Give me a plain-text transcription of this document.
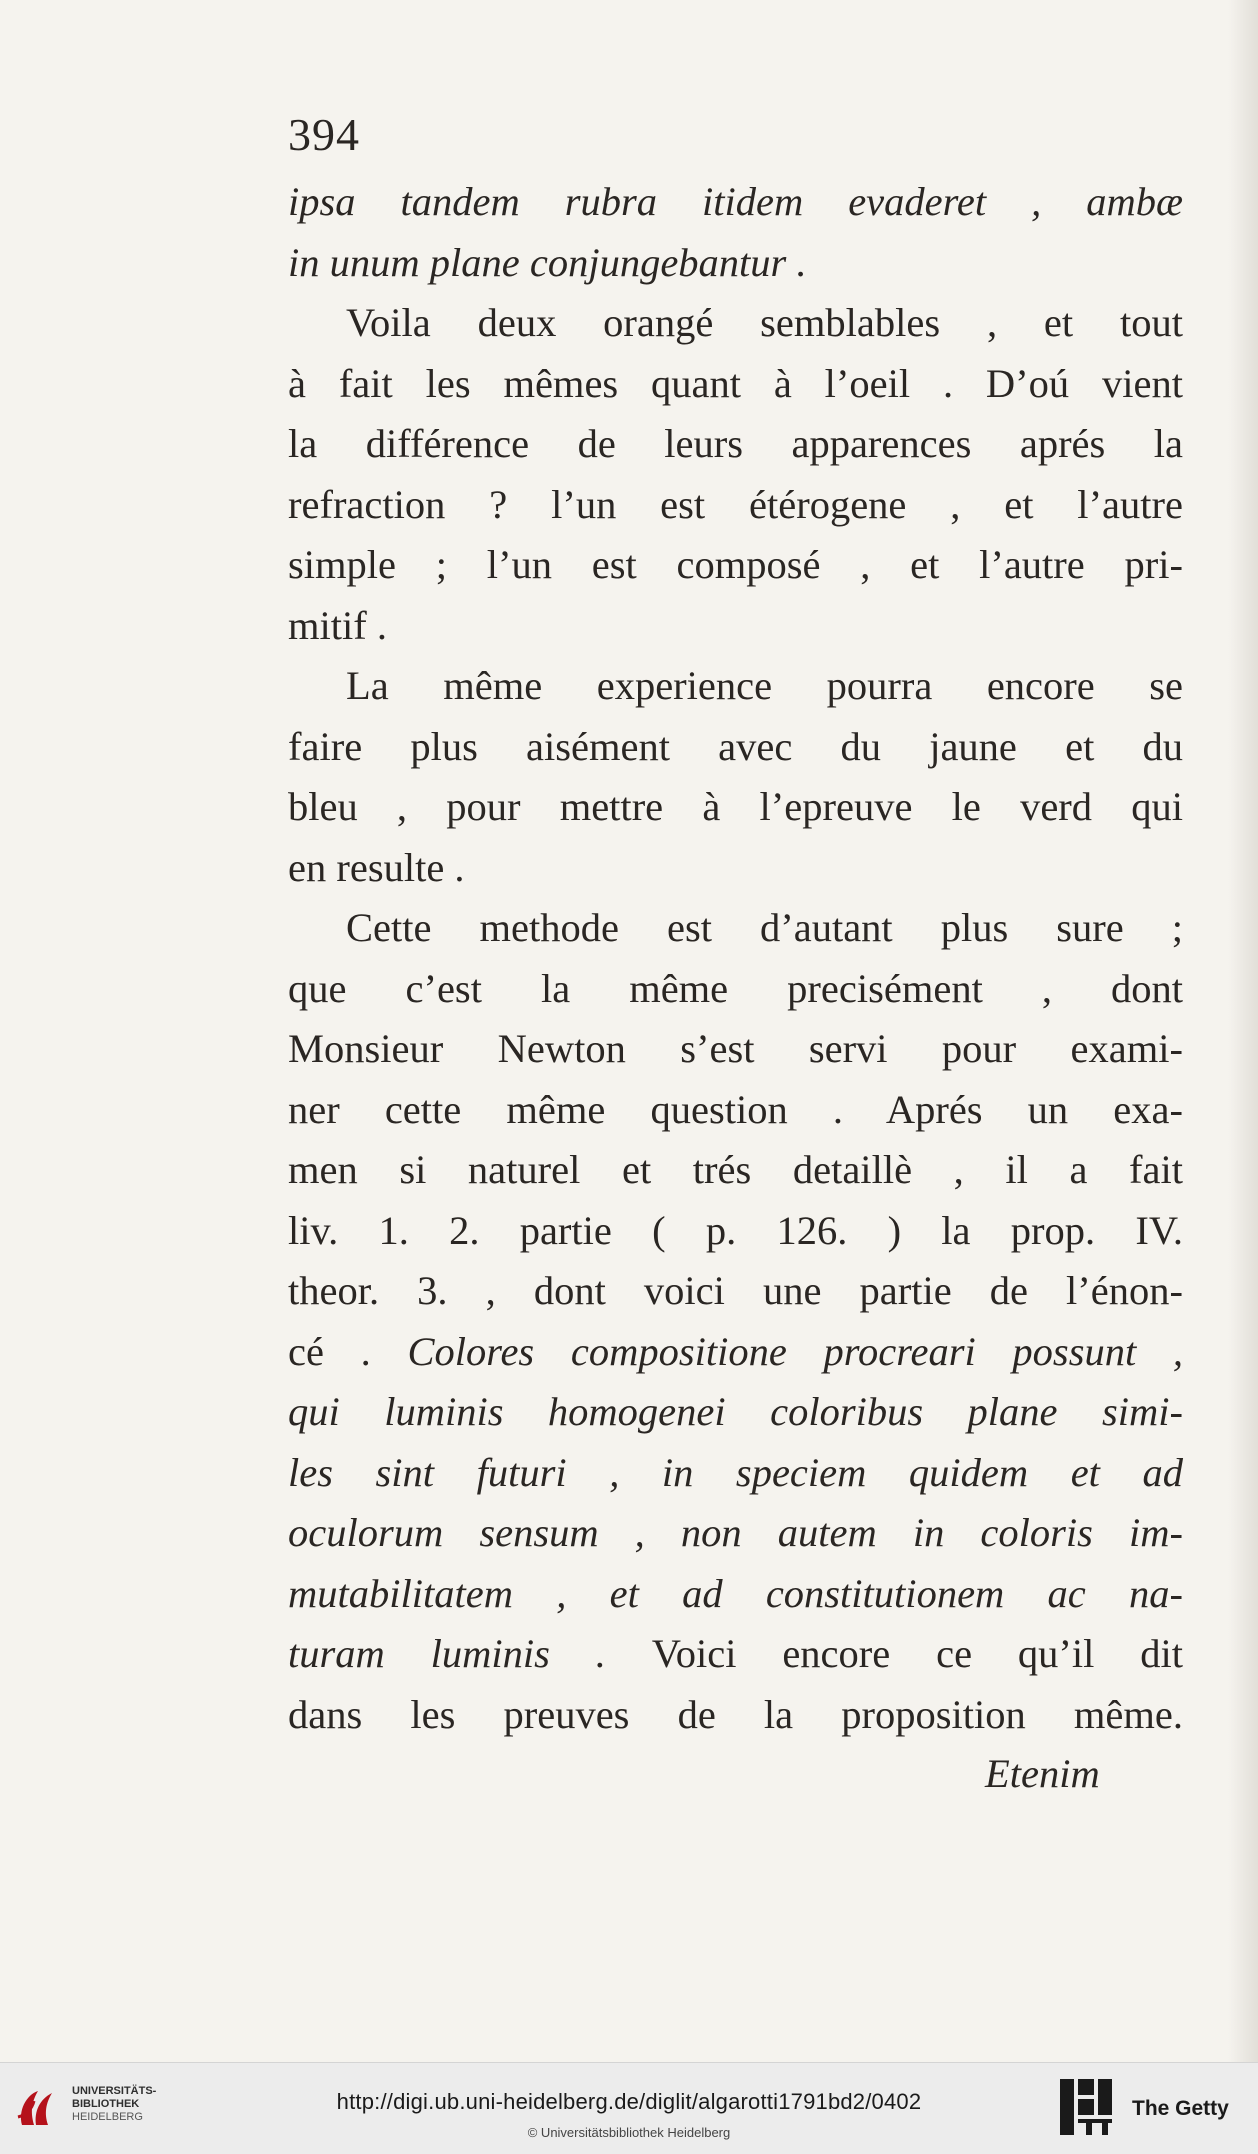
394
ipsa tandem rubra itidem evaderet , ambæ
in unum plane conjungebantur .
Voila deux orangé semblables , et tout
à fait les mêmes quant à l’oeil . D’oú vient
la différence de leurs apparences aprés la
refraction ? l’un est étérogene , et l’autre
simple ; l’un est composé , et l’autre pri-
mitif .
La même experience pourra encore se
faire plus aisément avec du jaune et du
bleu , pour mettre à l’epreuve le verd qui
en resulte .
Cette methode est d’autant plus sure ;
que c’est la même precisément , dont
Monsieur Newton s’est servi pour exami-
ner cette même question . Aprés un exa-
men si naturel et trés detaillè , il a fait
liv. 1. 2. partie ( p. 126. ) la prop. IV.
theor. 3. , dont voici une partie de l’énon-
cé . Colores compositione procreari possunt ,
qui luminis homogenei coloribus plane simi-
les sint futuri , in speciem quidem et ad
oculorum sensum , non autem in coloris im-
mutabilitatem , et ad constitutionem ac na-
turam luminis . Voici encore ce qu’il dit
dans les preuves de la proposition même.
Etenim
UNIVERSITÄTS-
BIBLIOTHEK
HEIDELBERG
http://digi.ub.uni-heidelberg.de/diglit/algarotti1791bd2/0402
© Universitätsbibliothek Heidelberg
The Getty
